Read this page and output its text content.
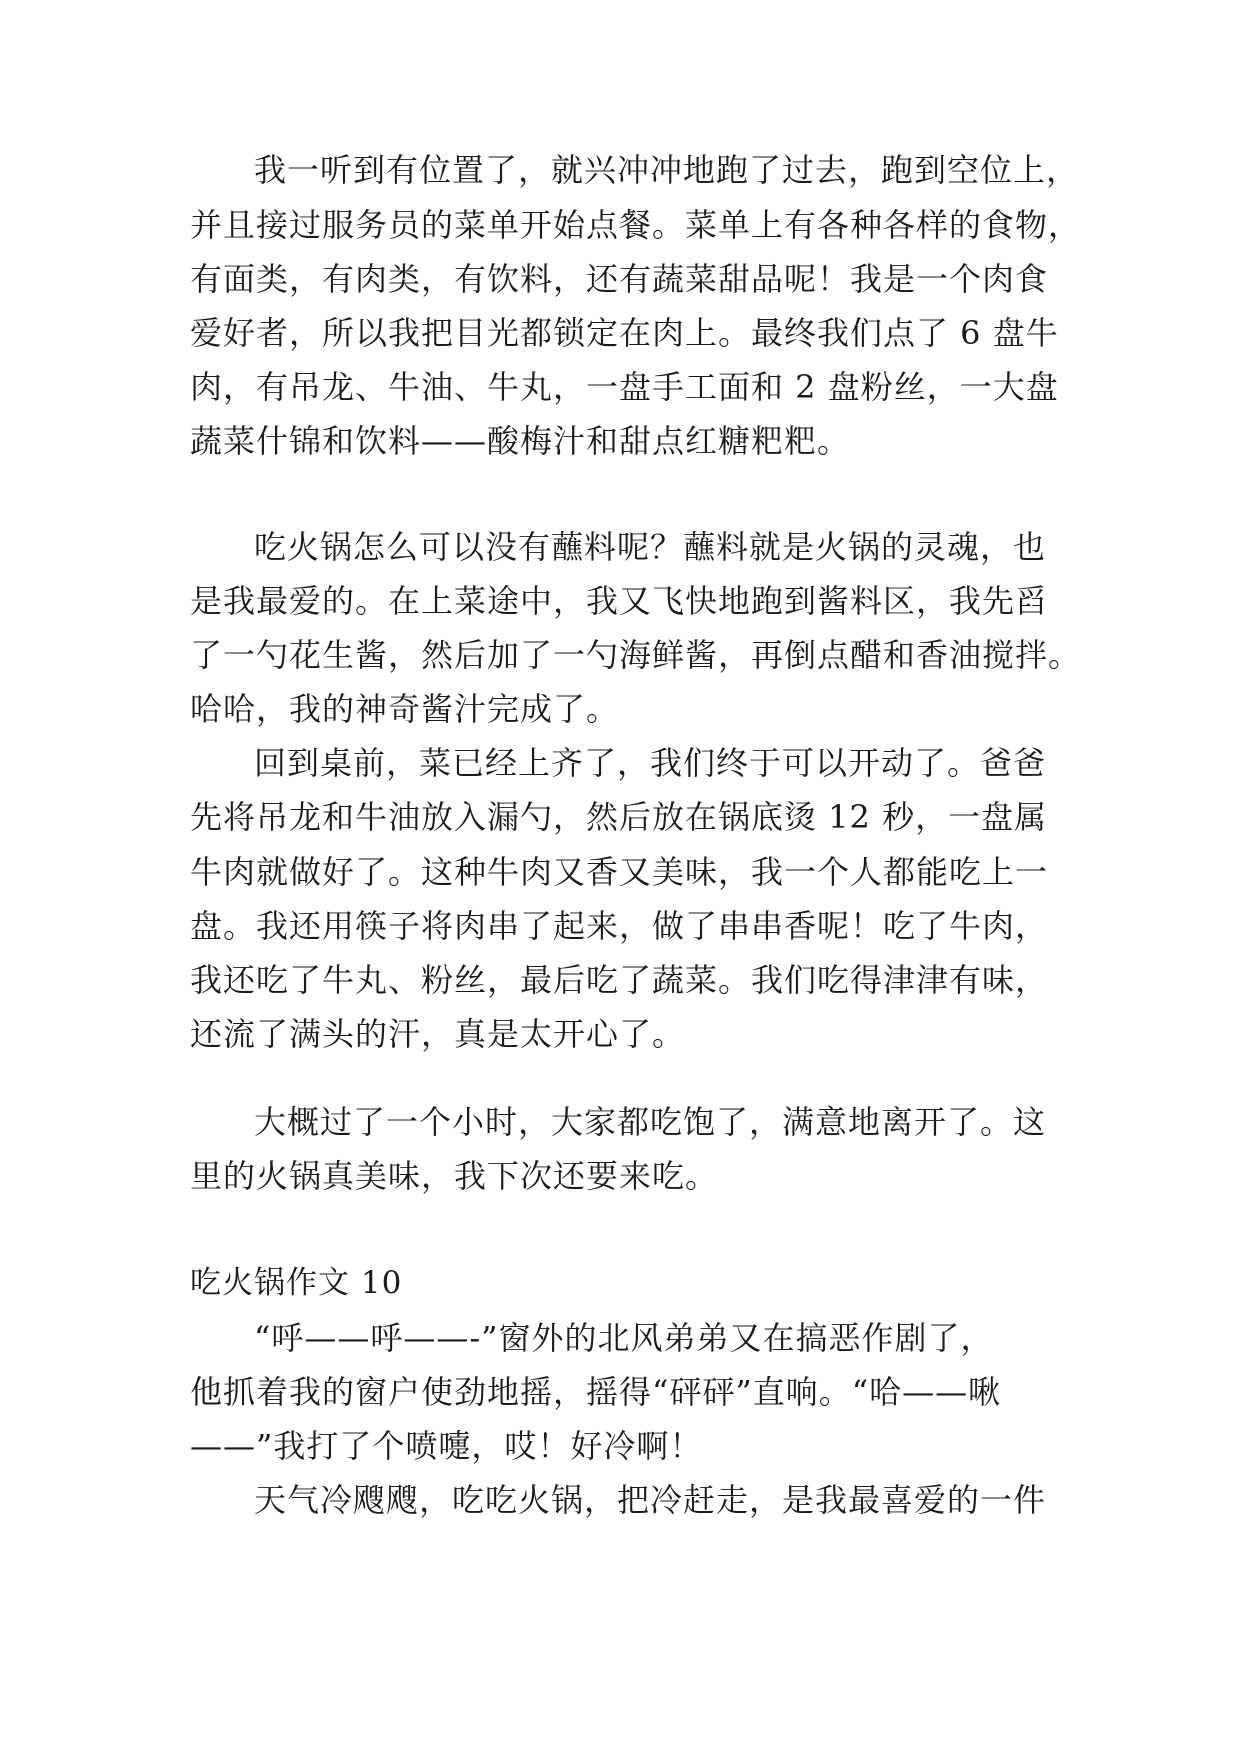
我一听到有位置了，就兴冲冲地跑了过去，跑到空位上，

并且接过服务员的菜单开始点餐。菜单上有各种各样的食物，

有面类，有肉类，有饮料，还有蔬菜甜品呢！我是一个肉食

爱好者，所以我把目光都锁定在肉上。最终我们点了 6 盘牛

肉，有吊龙、牛油、牛丸，一盘手工面和 2 盘粉丝，一大盘

蔬菜什锦和饮料——酸梅汁和甜点红糖粑粑。

吃火锅怎么可以没有蘸料呢？蘸料就是火锅的灵魂，也

是我最爱的。在上菜途中，我又飞快地跑到酱料区，我先舀

了一勺花生酱，然后加了一勺海鲜酱，再倒点醋和香油搅拌。

哈哈，我的神奇酱汁完成了。

回到桌前，菜已经上齐了，我们终于可以开动了。爸爸

先将吊龙和牛油放入漏勺，然后放在锅底烫 12 秒，一盘属

牛肉就做好了。这种牛肉又香又美味，我一个人都能吃上一

盘。我还用筷子将肉串了起来，做了串串香呢！吃了牛肉，

我还吃了牛丸、粉丝，最后吃了蔬菜。我们吃得津津有味，

还流了满头的汗，真是太开心了。

大概过了一个小时，大家都吃饱了，满意地离开了。这

里的火锅真美味，我下次还要来吃。

吃火锅作文 10

“呼——呼——-”窗外的北风弟弟又在搞恶作剧了，

他抓着我的窗户使劲地摇，摇得“砰砰”直响。“哈——啾

——”我打了个喷嚏，哎！好冷啊！

天气冷飕飕，吃吃火锅，把冷赶走，是我最喜爱的一件
